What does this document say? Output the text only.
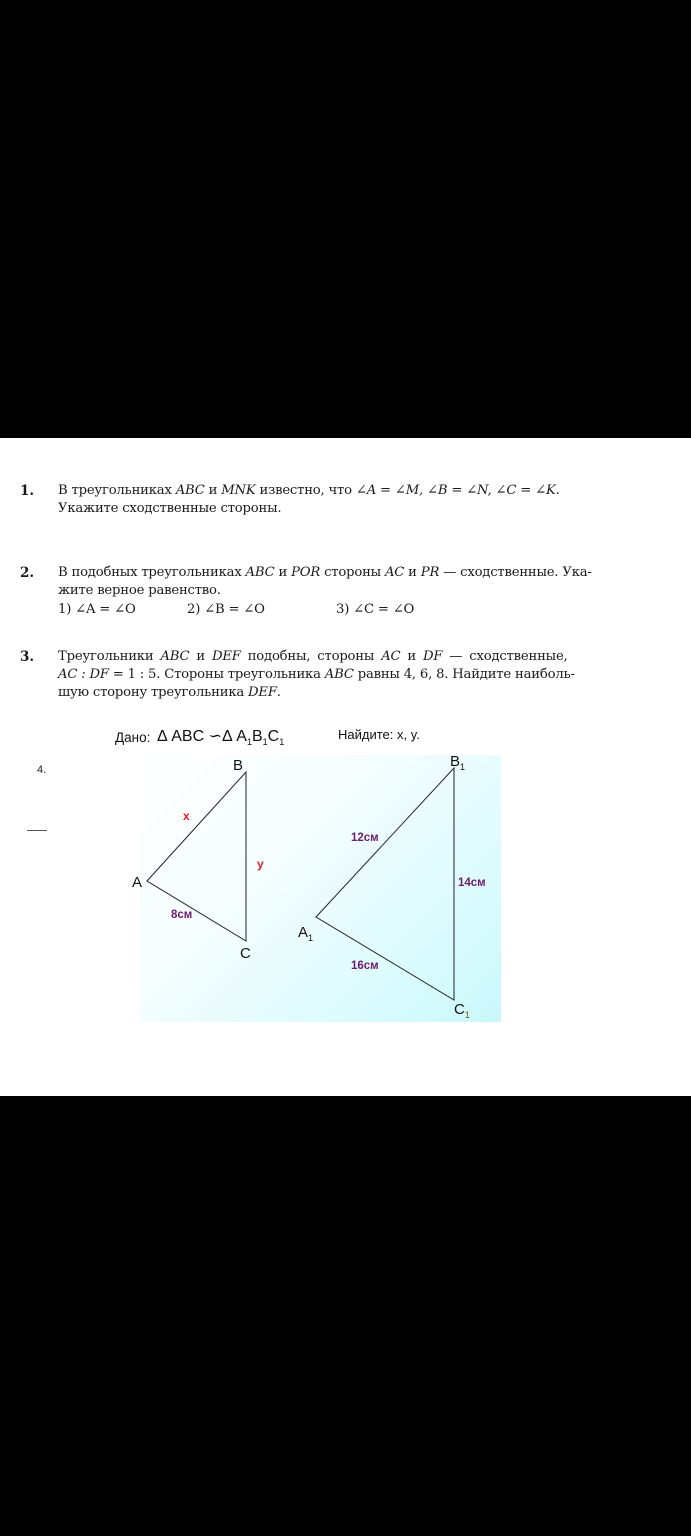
1. В треугольниках ABC и MNK известно, что ∠A = ∠M, ∠B = ∠N, ∠C = ∠K.
Укажите сходственные стороны.
2. В подобных треугольниках ABC и POR стороны AC и PR — сходственные. Ука-
жите верное равенство.
1) ∠A = ∠O	2) ∠B = ∠O	3) ∠C = ∠O
3. Треугольники ABC и DEF подобны, стороны AC и DF — сходственные,
AC : DF = 1 : 5. Стороны треугольника ABC равны 4, 6, 8. Найдите наиболь-
шую сторону треугольника DEF.
Дано: Δ ABC ∽Δ $A_1B_1C_1$
Найдите: x, y.
4.	B
A
C
x
y
8см
$B_1$
$A_1$
$C_1$
12см
14см
16см
